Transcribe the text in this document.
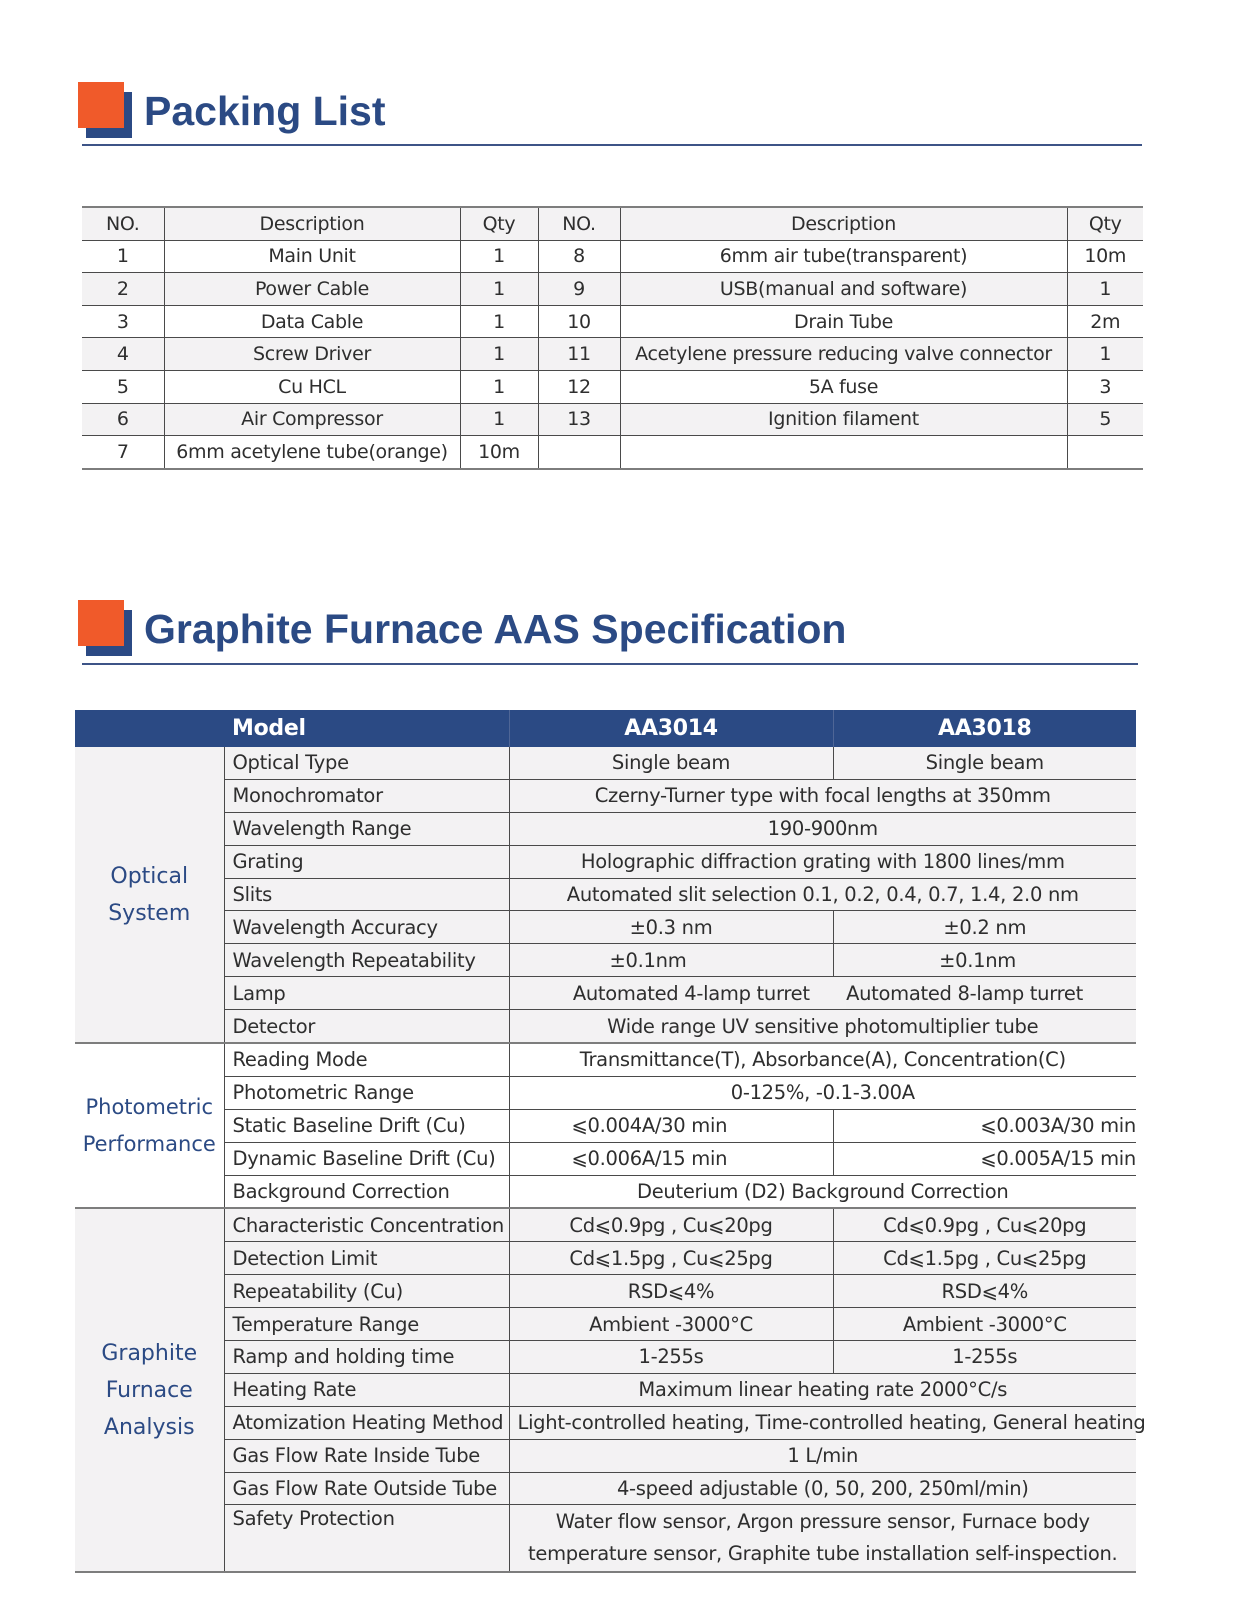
Packing List
NO.	Description	Qty	NO.	Description	Qty
1	Main Unit	1	8	6mm air tube(transparent)	10m
2	Power Cable	1	9	USB(manual and software)	1
3	Data Cable	1	10	Drain Tube	2m
4	Screw Driver	1	11	Acetylene pressure reducing valve connector	1
5	Cu HCL	1	12	5A fuse	3
6	Air Compressor	1	13	Ignition filament	5
7	6mm acetylene tube(orange)	10m			
Graphite Furnace AAS Specification
	Model	AA3014	AA3018
Optical System	Optical Type	Single beam	Single beam
	Monochromator	Czerny-Turner type with focal lengths at 350mm	
	Wavelength Range	190-900nm	
	Grating	Holographic diffraction grating with 1800 lines/mm	
	Slits	Automated slit selection 0.1, 0.2, 0.4, 0.7, 1.4, 2.0 nm	
	Wavelength Accuracy	±0.3 nm	±0.2 nm
	Wavelength Repeatability	±0.1nm	±0.1nm
	Lamp	Automated 4-lamp turret	Automated 8-lamp turret
	Detector	Wide range UV sensitive photomultiplier tube	
Photometric Performance	Reading Mode	Transmittance(T), Absorbance(A), Concentration(C)	
	Photometric Range	0-125%, -0.1-3.00A	
	Static Baseline Drift (Cu)	⩽0.004A/30 min	⩽0.003A/30 min
	Dynamic Baseline Drift (Cu)	⩽0.006A/15 min	⩽0.005A/15 min
	Background Correction	Deuterium (D2) Background Correction	
Graphite Furnace Analysis	Characteristic Concentration	Cd⩽0.9pg , Cu⩽20pg	Cd⩽0.9pg , Cu⩽20pg
	Detection Limit	Cd⩽1.5pg , Cu⩽25pg	Cd⩽1.5pg , Cu⩽25pg
	Repeatability (Cu)	RSD⩽4%	RSD⩽4%
	Temperature Range	Ambient -3000°C	Ambient -3000°C
	Ramp and holding time	1-255s	1-255s
	Heating Rate	Maximum linear heating rate 2000°C/s	
	Atomization Heating Method	Light-controlled heating, Time-controlled heating, General heating	
	Gas Flow Rate Inside Tube	1 L/min	
	Gas Flow Rate Outside Tube	4-speed adjustable (0, 50, 200, 250ml/min)	
	Safety Protection	Water flow sensor, Argon pressure sensor, Furnace body temperature sensor, Graphite tube installation self-inspection.	
